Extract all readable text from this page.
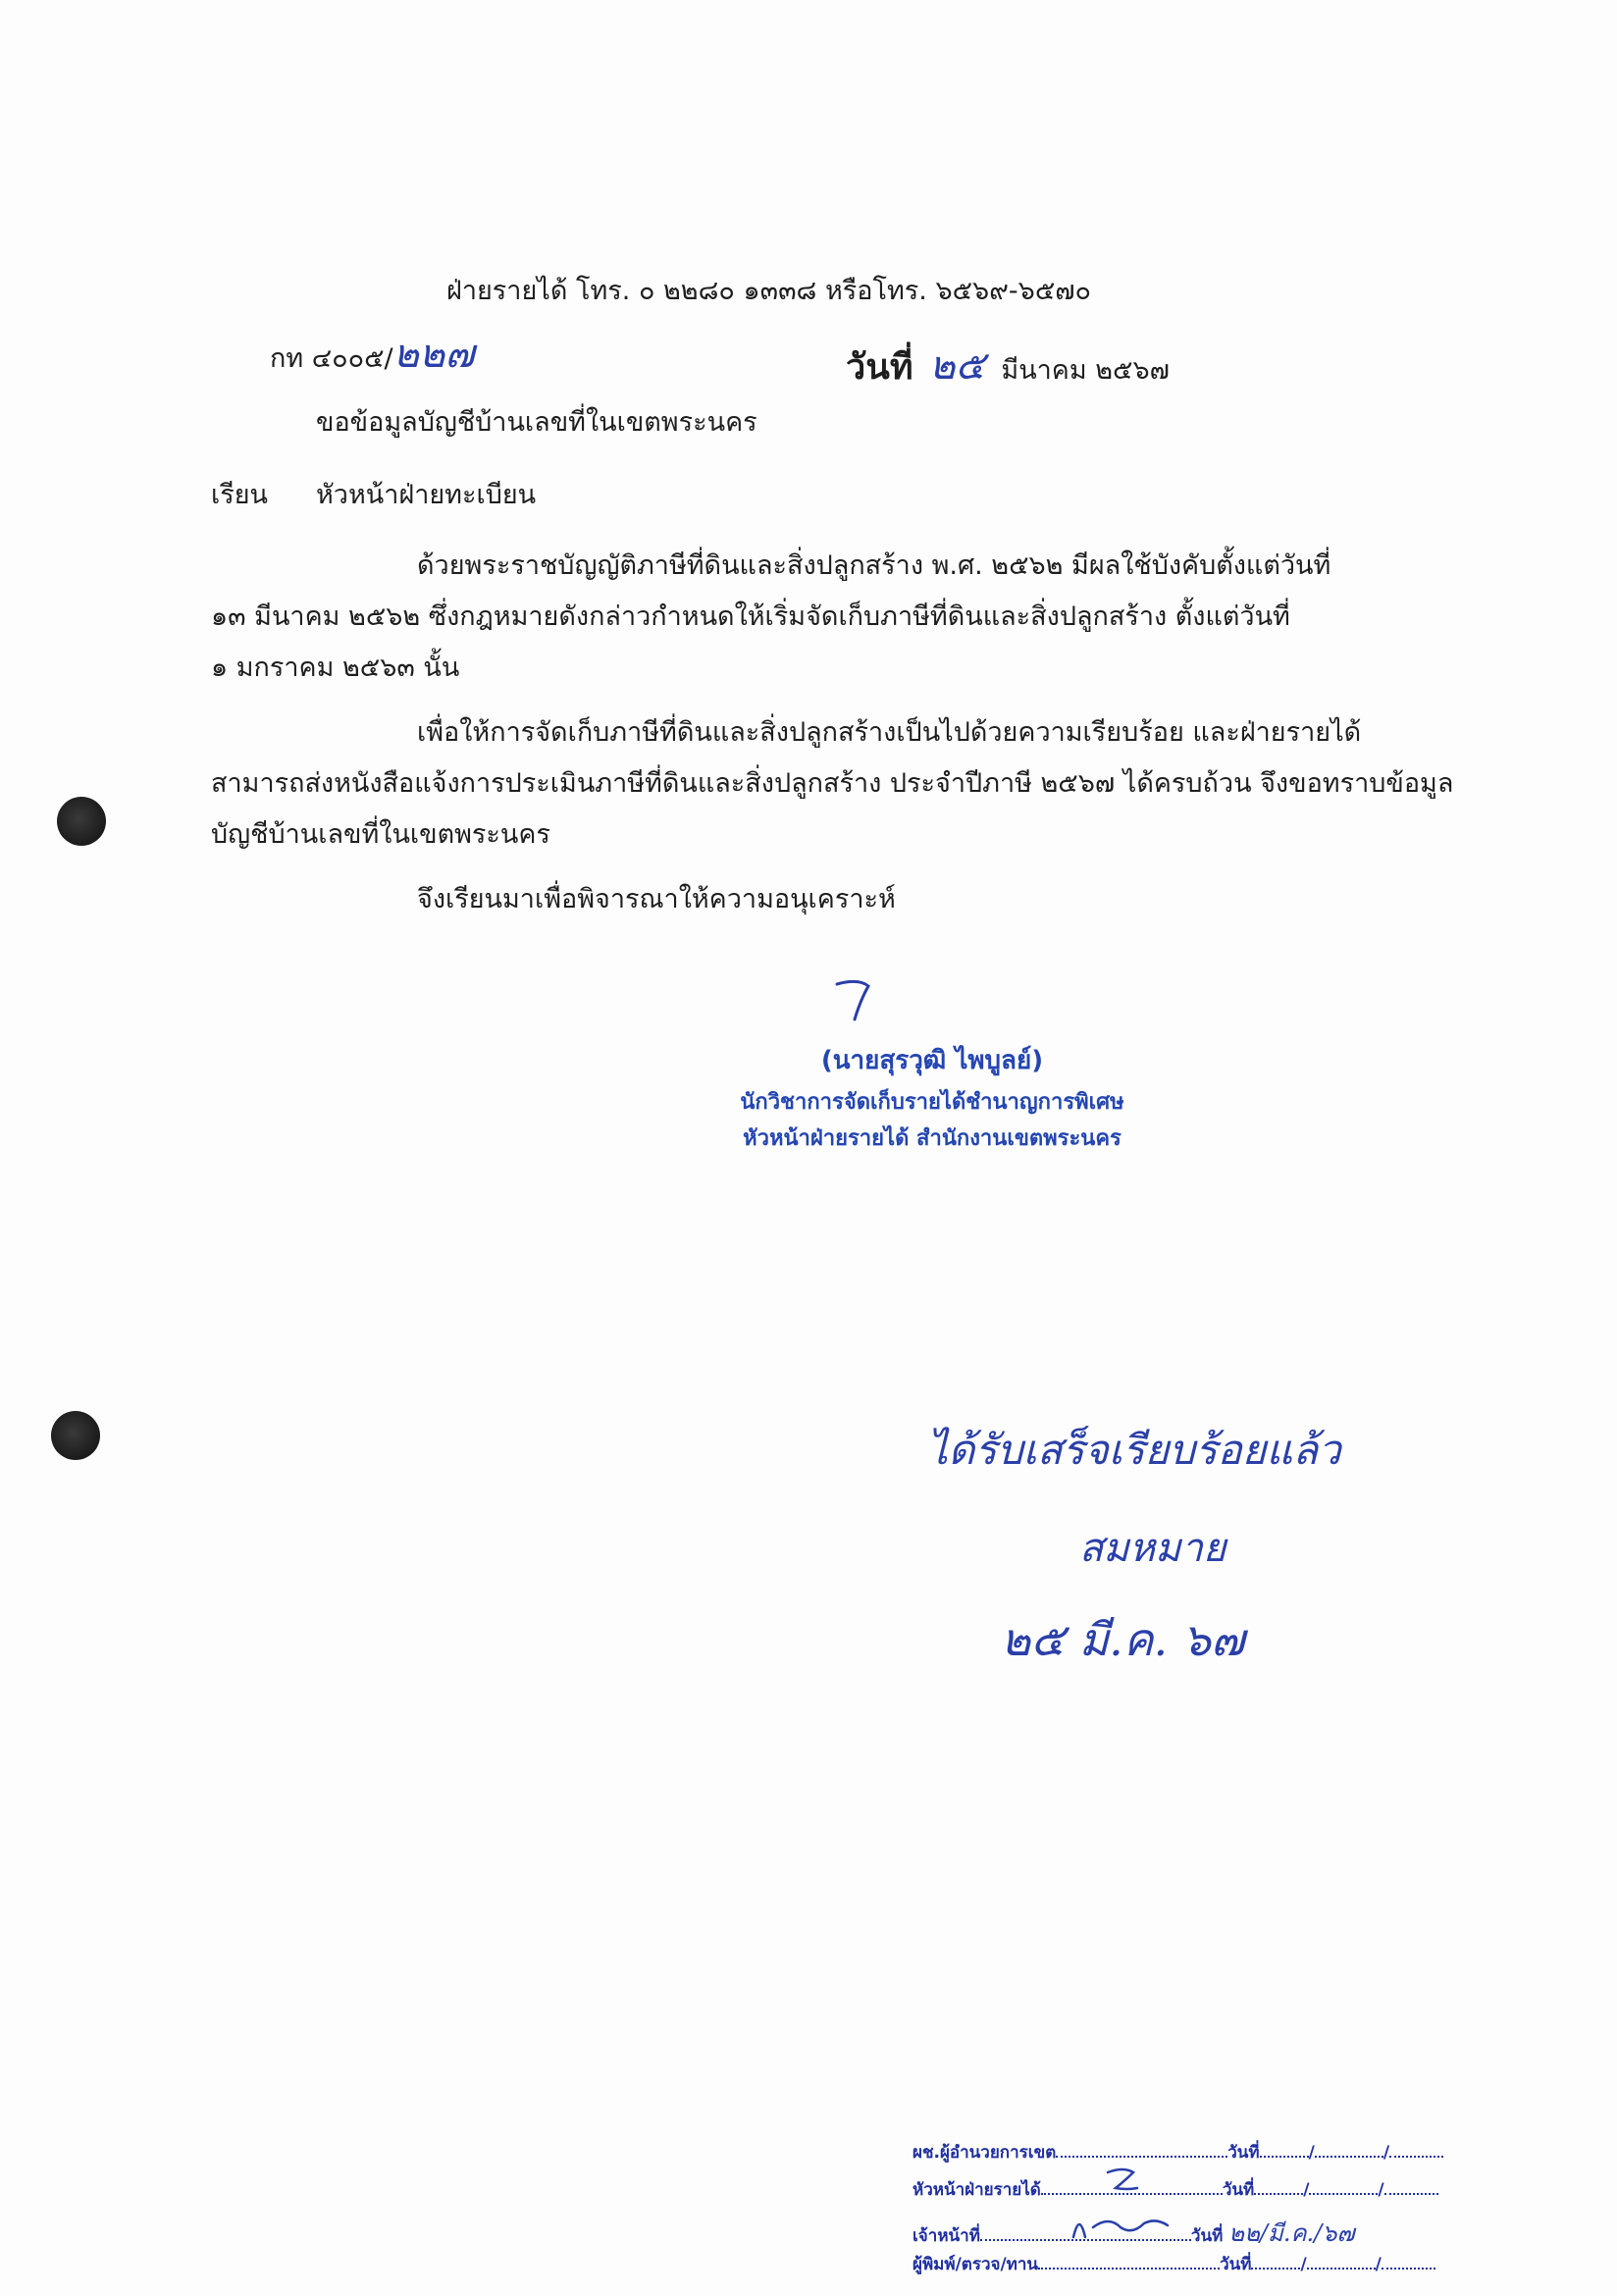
ฝ่ายรายได้ โทร. ๐ ๒๒๘๐ ๑๓๓๘ หรือโทร. ๖๕๖๙-๖๕๗๐
กท ๔๐๐๕/๒๒๗	วันที่ ๒๕ มีนาคม ๒๕๖๗
ขอข้อมูลบัญชีบ้านเลขที่ในเขตพระนคร
เรียน หัวหน้าฝ่ายทะเบียน
ด้วยพระราชบัญญัติภาษีที่ดินและสิ่งปลูกสร้าง พ.ศ. ๒๕๖๒ มีผลใช้บังคับตั้งแต่วันที่
๑๓ มีนาคม ๒๕๖๒ ซึ่งกฎหมายดังกล่าวกำหนดให้เริ่มจัดเก็บภาษีที่ดินและสิ่งปลูกสร้าง ตั้งแต่วันที่
๑ มกราคม ๒๕๖๓ นั้น
เพื่อให้การจัดเก็บภาษีที่ดินและสิ่งปลูกสร้างเป็นไปด้วยความเรียบร้อย และฝ่ายรายได้
สามารถส่งหนังสือแจ้งการประเมินภาษีที่ดินและสิ่งปลูกสร้าง ประจำปีภาษี ๒๕๖๗ ได้ครบถ้วน จึงขอทราบข้อมูล
บัญชีบ้านเลขที่ในเขตพระนคร
จึงเรียนมาเพื่อพิจารณาให้ความอนุเคราะห์
(นายสุรวุฒิ ไพบูลย์)
นักวิชาการจัดเก็บรายได้ชำนาญการพิเศษ
หัวหน้าฝ่ายรายได้ สำนักงานเขตพระนคร
ได้รับเสร็จเรียบร้อยแล้ว
สมหมาย
๒๕ มี.ค. ๖๗
ผช.ผู้อำนวยการเขต	วันที่	/	/
หัวหน้าฝ่ายรายได้	วันที่	/	/
เจ้าหน้าที่	วันที่ ๒๒/มี.ค./๖๗
ผู้พิมพ์/ตรวจ/ทาน	วันที่	/	/
